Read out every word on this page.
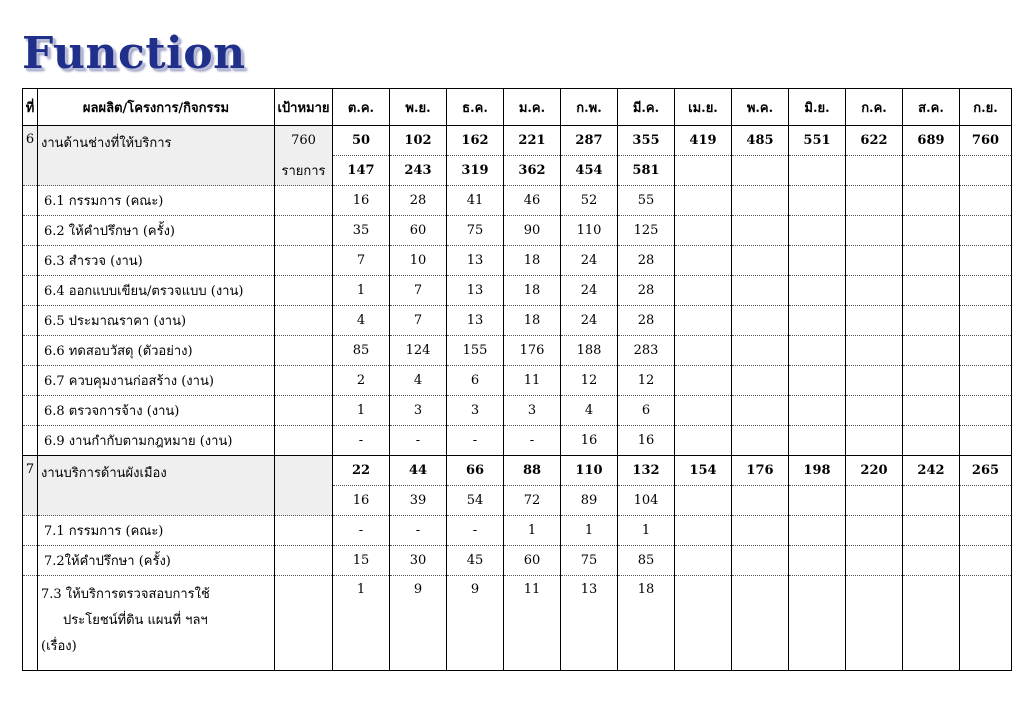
Function
ที่	ผลผลิต/โครงการ/กิจกรรม	เป้าหมาย	ต.ค.	พ.ย.	ธ.ค.	ม.ค.	ก.พ.	มี.ค.	เม.ย.	พ.ค.	มิ.ย.	ก.ค.	ส.ค.	ก.ย.
6	งานด้านช่างที่ให้บริการ	760	50	102	162	221	287	355	419	485	551	622	689	760
		รายการ	147	243	319	362	454	581						
	6.1 กรรมการ (คณะ)		16	28	41	46	52	55						
	6.2 ให้คำปรึกษา (ครั้ง)		35	60	75	90	110	125						
	6.3 สำรวจ (งาน)		7	10	13	18	24	28						
	6.4 ออกแบบเขียน/ตรวจแบบ (งาน)		1	7	13	18	24	28						
	6.5 ประมาณราคา (งาน)		4	7	13	18	24	28						
	6.6 ทดสอบวัสดุ (ตัวอย่าง)		85	124	155	176	188	283						
	6.7 ควบคุมงานก่อสร้าง (งาน)		2	4	6	11	12	12						
	6.8 ตรวจการจ้าง (งาน)		1	3	3	3	4	6						
	6.9 งานกำกับตามกฎหมาย (งาน)		-	-	-	-	16	16						
7	งานบริการด้านผังเมือง		22	44	66	88	110	132	154	176	198	220	242	265
			16	39	54	72	89	104						
	7.1 กรรมการ (คณะ)		-	-	-	1	1	1						
	7.2ให้คำปรึกษา (ครั้ง)		15	30	45	60	75	85						

	7.3 ให้บริการตรวจสอบการใช้
ประโยชน์ที่ดิน แผนที่ ฯลฯ
(เรื่อง)		1	9	9	11	13	18						
